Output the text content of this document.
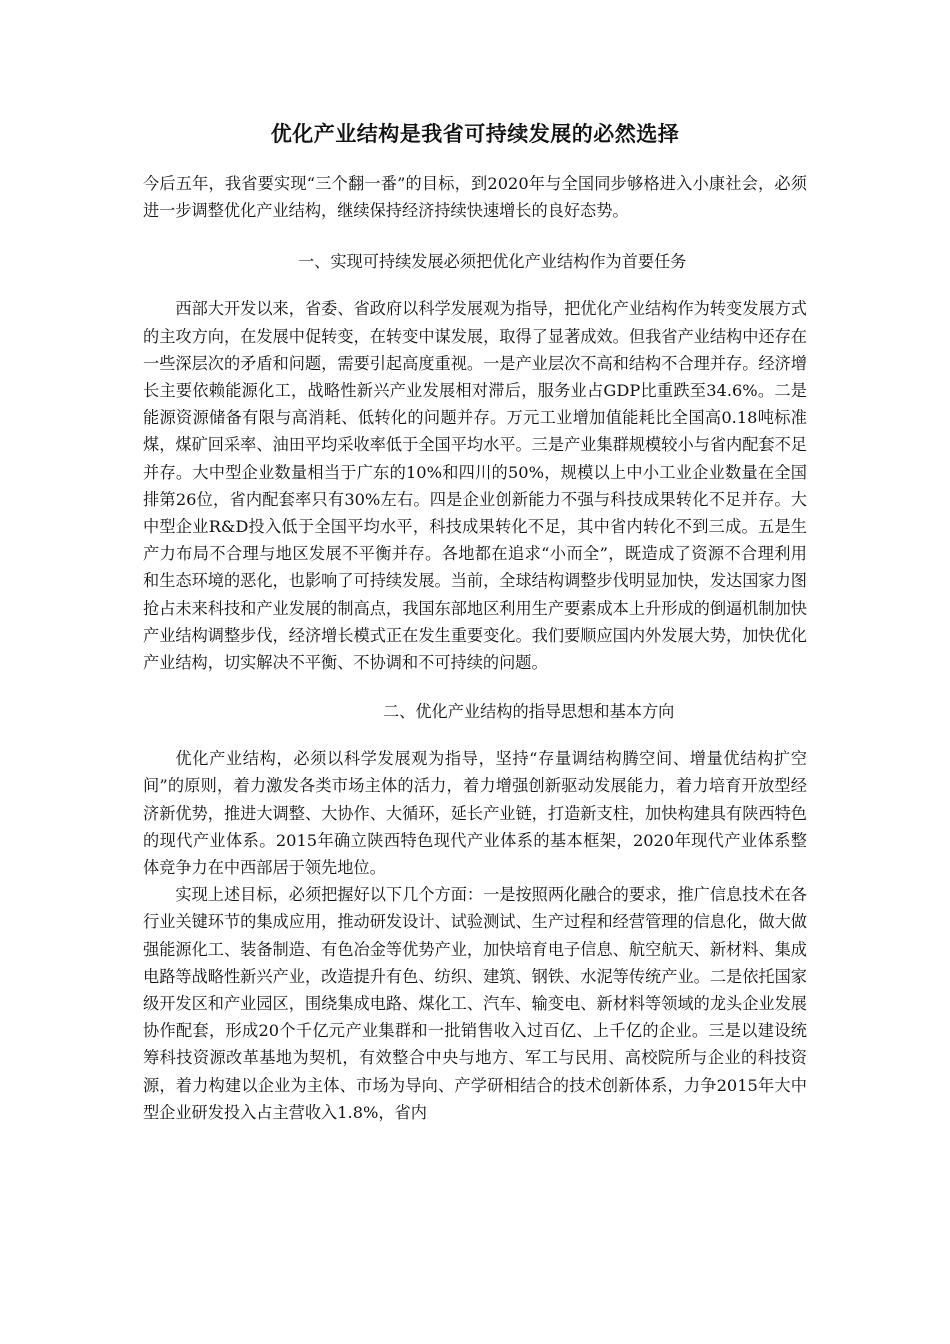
优化产业结构是我省可持续发展的必然选择

今后五年，我省要实现“三个翻一番”的目标，到2020年与全国同步够格进入小康社会，必须进一步调整优化产业结构，继续保持经济持续快速增长的良好态势。

一、实现可持续发展必须把优化产业结构作为首要任务

西部大开发以来，省委、省政府以科学发展观为指导，把优化产业结构作为转变发展方式的主攻方向，在发展中促转变，在转变中谋发展，取得了显著成效。但我省产业结构中还存在一些深层次的矛盾和问题，需要引起高度重视。一是产业层次不高和结构不合理并存。经济增长主要依赖能源化工，战略性新兴产业发展相对滞后，服务业占GDP比重跌至34.6%。二是能源资源储备有限与高消耗、低转化的问题并存。万元工业增加值能耗比全国高0.18吨标准煤，煤矿回采率、油田平均采收率低于全国平均水平。三是产业集群规模较小与省内配套不足并存。大中型企业数量相当于广东的10%和四川的50%，规模以上中小工业企业数量在全国排第26位，省内配套率只有30%左右。四是企业创新能力不强与科技成果转化不足并存。大中型企业R&D投入低于全国平均水平，科技成果转化不足，其中省内转化不到三成。五是生产力布局不合理与地区发展不平衡并存。各地都在追求“小而全”，既造成了资源不合理利用和生态环境的恶化，也影响了可持续发展。当前，全球结构调整步伐明显加快，发达国家力图抢占未来科技和产业发展的制高点，我国东部地区利用生产要素成本上升形成的倒逼机制加快产业结构调整步伐，经济增长模式正在发生重要变化。我们要顺应国内外发展大势，加快优化产业结构，切实解决不平衡、不协调和不可持续的问题。

二、优化产业结构的指导思想和基本方向

优化产业结构，必须以科学发展观为指导，坚持“存量调结构腾空间、增量优结构扩空间”的原则，着力激发各类市场主体的活力，着力增强创新驱动发展能力，着力培育开放型经济新优势，推进大调整、大协作、大循环，延长产业链，打造新支柱，加快构建具有陕西特色的现代产业体系。2015年确立陕西特色现代产业体系的基本框架，2020年现代产业体系整体竞争力在中西部居于领先地位。

实现上述目标，必须把握好以下几个方面：一是按照两化融合的要求，推广信息技术在各行业关键环节的集成应用，推动研发设计、试验测试、生产过程和经营管理的信息化，做大做强能源化工、装备制造、有色冶金等优势产业，加快培育电子信息、航空航天、新材料、集成电路等战略性新兴产业，改造提升有色、纺织、建筑、钢铁、水泥等传统产业。二是依托国家级开发区和产业园区，围绕集成电路、煤化工、汽车、输变电、新材料等领域的龙头企业发展协作配套，形成20个千亿元产业集群和一批销售收入过百亿、上千亿的企业。三是以建设统筹科技资源改革基地为契机，有效整合中央与地方、军工与民用、高校院所与企业的科技资源，着力构建以企业为主体、市场为导向、产学研相结合的技术创新体系，力争2015年大中型企业研发投入占主营收入1.8%，省内
